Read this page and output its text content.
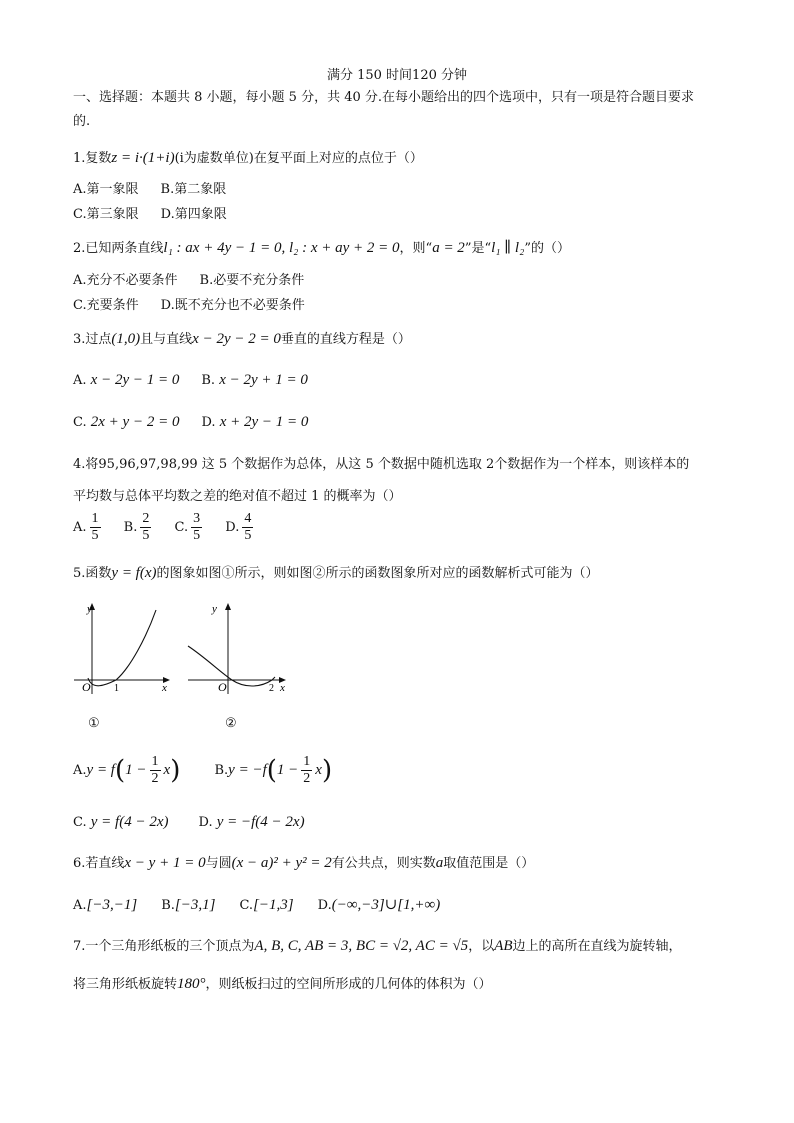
满分 150 时间120 分钟
一、选择题：本题共 8 小题，每小题 5 分，共 40 分.在每小题给出的四个选项中，只有一项是符合题目要求
的.
1.复数z = i·(1+i)(i为虚数单位)在复平面上对应的点位于（）
A.第一象限 B.第二象限
C.第三象限 D.第四象限
2.已知两条直线l₁ : ax + 4y − 1 = 0, l₂ : x + ay + 2 = 0，则“a = 2”是“l₁ ∥ l₂”的（）
A.充分不必要条件 B.必要不充分条件
C.充要条件 D.既不充分也不必要条件
3.过点(1,0)且与直线x − 2y − 2 = 0垂直的直线方程是（）
A. x − 2y − 1 = 0 B. x − 2y + 1 = 0
C. 2x + y − 2 = 0 D. x + 2y − 1 = 0
4.将95,96,97,98,99 这 5 个数据作为总体，从这 5 个数据中随机选取 2个数据作为一个样本，则该样本的
平均数与总体平均数之差的绝对值不超过 1 的概率为（）
A. $\frac{1}{5} B$. $\frac{2}{5} C$. $\frac{3}{5} D$. $\frac{4}{5}$
5.函数y = f(x)的图象如图①所示，则如图②所示的函数图象所对应的函数解析式可能为（）
y
x
O 1
①
y
x
O	2
②
$A.y = f(1 - \frac{1}{2} x)$	$B.y = -f(1 - \frac{1}{2} x)$
C. y = f(4 − 2x) D. y = −f(4 − 2x)
6.若直线x − y + 1 = 0与圆(x − a)² + y² = 2有公共点，则实数a取值范围是（）
A.[−3,−1] B.[−3,1] C.[−1,3] D.(−∞,−3]∪[1,+∞)
7.一个三角形纸板的三个顶点为A, B, C, AB = 3, BC = √2, AC = √5，以AB边上的高所在直线为旋转轴，
将三角形纸板旋转180°，则纸板扫过的空间所形成的几何体的体积为（）
